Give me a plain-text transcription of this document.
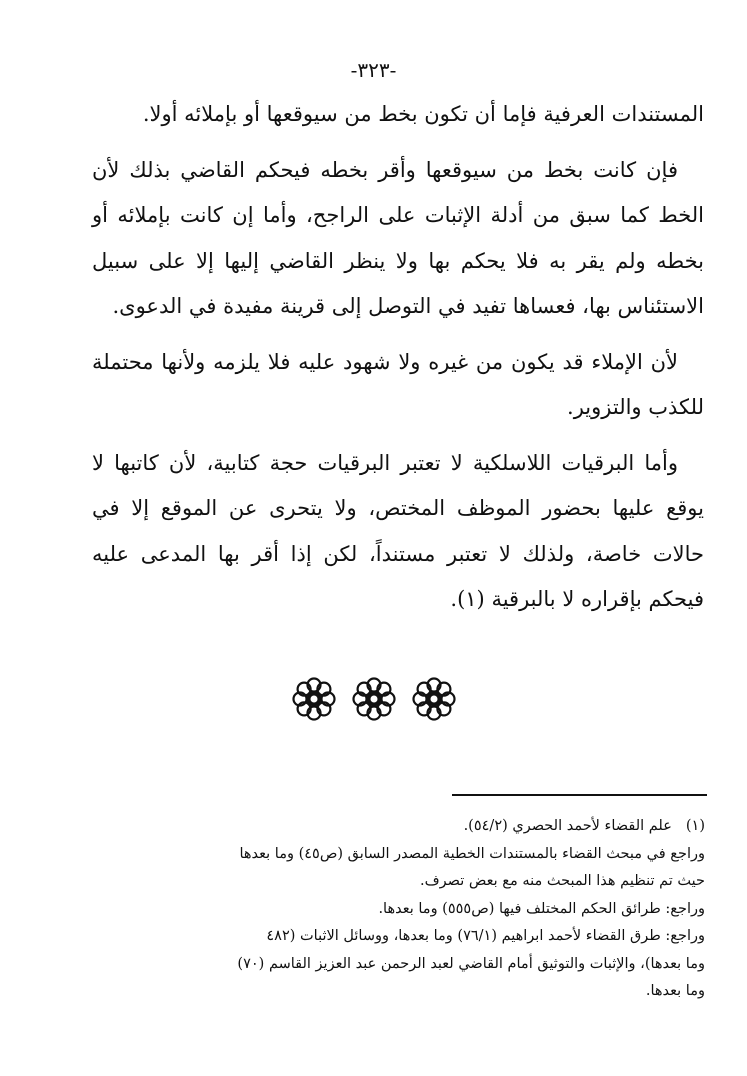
-٣٢٣-

المستندات العرفية فإما أن تكون بخط من سيوقعها أو بإملائه أولا.

فإن كانت بخط من سيوقعها وأقر بخطه فيحكم القاضي بذلك لأن الخط كما سبق من أدلة الإثبات على الراجح، وأما إن كانت بإملائه أو بخطه ولم يقر به فلا يحكم بها ولا ينظر القاضي إليها إلا على سبيل الاستئناس بها، فعساها تفيد في التوصل إلى قرينة مفيدة في الدعوى.

لأن الإملاء قد يكون من غيره ولا شهود عليه فلا يلزمه ولأنها محتملة للكذب والتزوير.

وأما البرقيات اللاسلكية لا تعتبر البرقيات حجة كتابية، لأن كاتبها لا يوقع عليها بحضور الموظف المختص، ولا يتحرى عن الموقع إلا في حالات خاصة، ولذلك لا تعتبر مستنداً، لكن إذا أقر بها المدعى عليه فيحكم بإقراره لا بالبرقية (١).

(١)
علم القضاء لأحمد الحصري (٥٤/٢).

وراجع في مبحث القضاء بالمستندات الخطية المصدر السابق (ص٤٥) وما بعدها

حيث تم تنظيم هذا المبحث منه مع بعض تصرف.

وراجع: طرائق الحكم المختلف فيها (ص٥٥٥) وما بعدها.

وراجع: طرق القضاء لأحمد ابراهيم (٧٦/١) وما بعدها، ووسائل الاثبات (٤٨٢

وما بعدها)، والإثبات والتوثيق أمام القاضي لعبد الرحمن عبد العزيز القاسم (٧٠)

وما بعدها.
